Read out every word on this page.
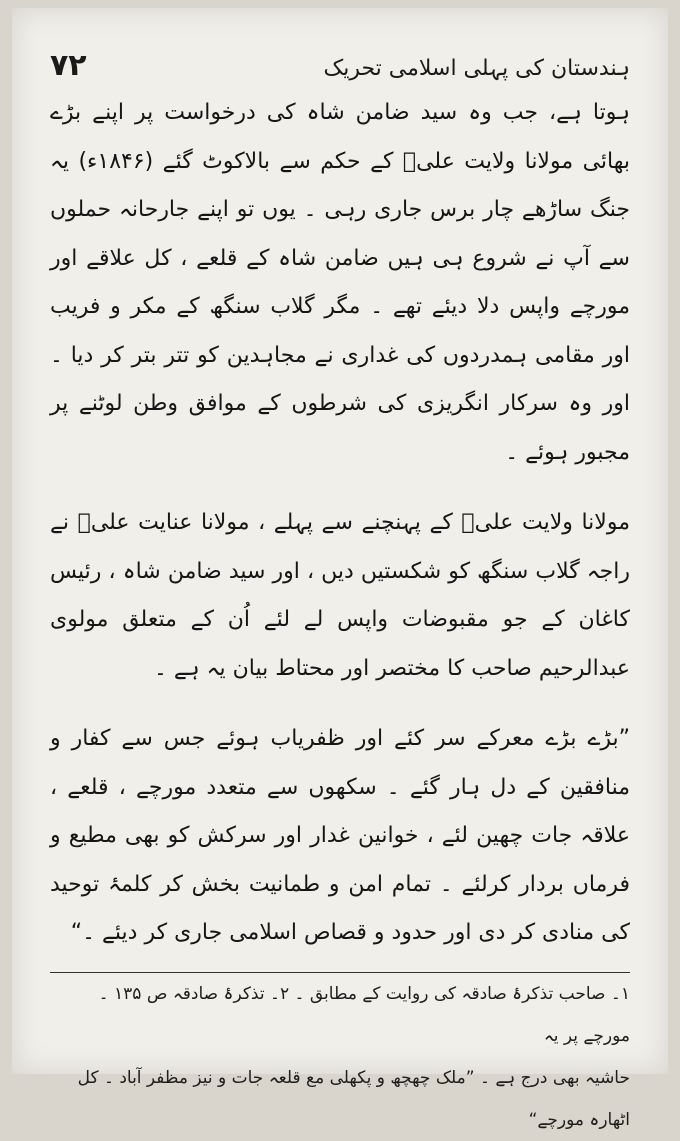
ہندستان کی پہلی اسلامی تحریک
۷۲

ہوتا ہے، جب وہ سید ضامن شاہ کی درخواست پر اپنے بڑے بھائی مولانا ولایت علیؒ کے حکم سے بالاکوٹ گئے (۱۸۴۶ء) یہ جنگ ساڑھے چار برس جاری رہی ۔ یوں تو اپنے جارحانہ حملوں سے آپ نے شروع ہی ہیں ضامن شاہ کے قلعے ، کل علاقے اور مورچے واپس دلا دیئے تھے ۔ مگر گلاب سنگھ کے مکر و فریب اور مقامی ہمدردوں کی غداری نے مجاہدین کو تتر بتر کر دیا ۔ اور وہ سرکار انگریزی کی شرطوں کے موافق وطن لوٹنے پر مجبور ہوئے ۔

مولانا ولایت علیؒ کے پہنچنے سے پہلے ، مولانا عنایت علیؒ نے راجہ گلاب سنگھ کو شکستیں دیں ، اور سید ضامن شاہ ، رئیس کاغان کے جو مقبوضات واپس لے لئے اُن کے متعلق مولوی عبدالرحیم صاحب کا مختصر اور محتاط بیان یہ ہے ۔

”بڑے بڑے معرکے سر کئے اور ظفریاب ہوئے جس سے کفار و منافقین کے دل ہار گئے ۔ سکھوں سے متعدد مورچے ، قلعے ، علاقہ جات چھین لئے ، خوانین غدار اور سرکش کو بھی مطیع و فرماں بردار کرلئے ۔ تمام امن و طمانیت بخش کر کلمۂ توحید کی منادی کر دی اور حدود و قصاص اسلامی جاری کر دیئے ۔“

۱۔ صاحب تذکرۂ صادقہ کی روایت کے مطابق ۔ ۲۔ تذکرۂ صادقہ ص ۱۳۵ ۔ مورچے پر یہ

حاشیہ بھی درج ہے ۔ ”ملک چھچھ و پکھلی مع قلعہ جات و نیز مظفر آباد ۔ کل اٹھارہ مورچے“
